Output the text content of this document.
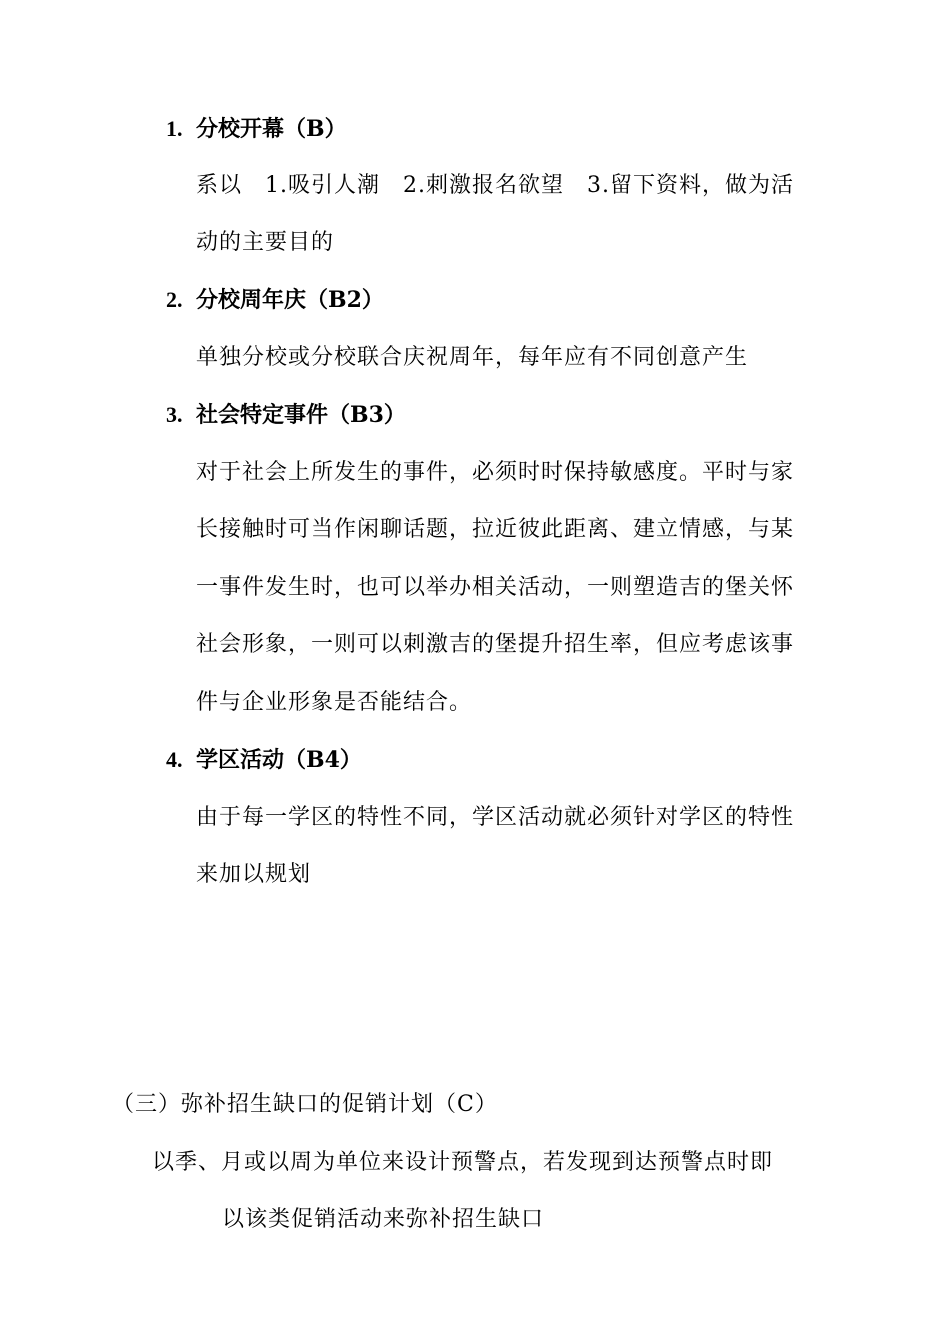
1. 分校开幕（B）
系以　1.吸引人潮　2.刺激报名欲望　3.留下资料，做为活
动的主要目的
2. 分校周年庆（B2）
单独分校或分校联合庆祝周年，每年应有不同创意产生
3. 社会特定事件（B3）
对于社会上所发生的事件，必须时时保持敏感度。平时与家
长接触时可当作闲聊话题，拉近彼此距离、建立情感，与某
一事件发生时，也可以举办相关活动，一则塑造吉的堡关怀
社会形象，一则可以刺激吉的堡提升招生率，但应考虑该事
件与企业形象是否能结合。
4. 学区活动（B4）
由于每一学区的特性不同，学区活动就必须针对学区的特性
来加以规划
（三）弥补招生缺口的促销计划（C）
以季、月或以周为单位来设计预警点，若发现到达预警点时即
以该类促销活动来弥补招生缺口
